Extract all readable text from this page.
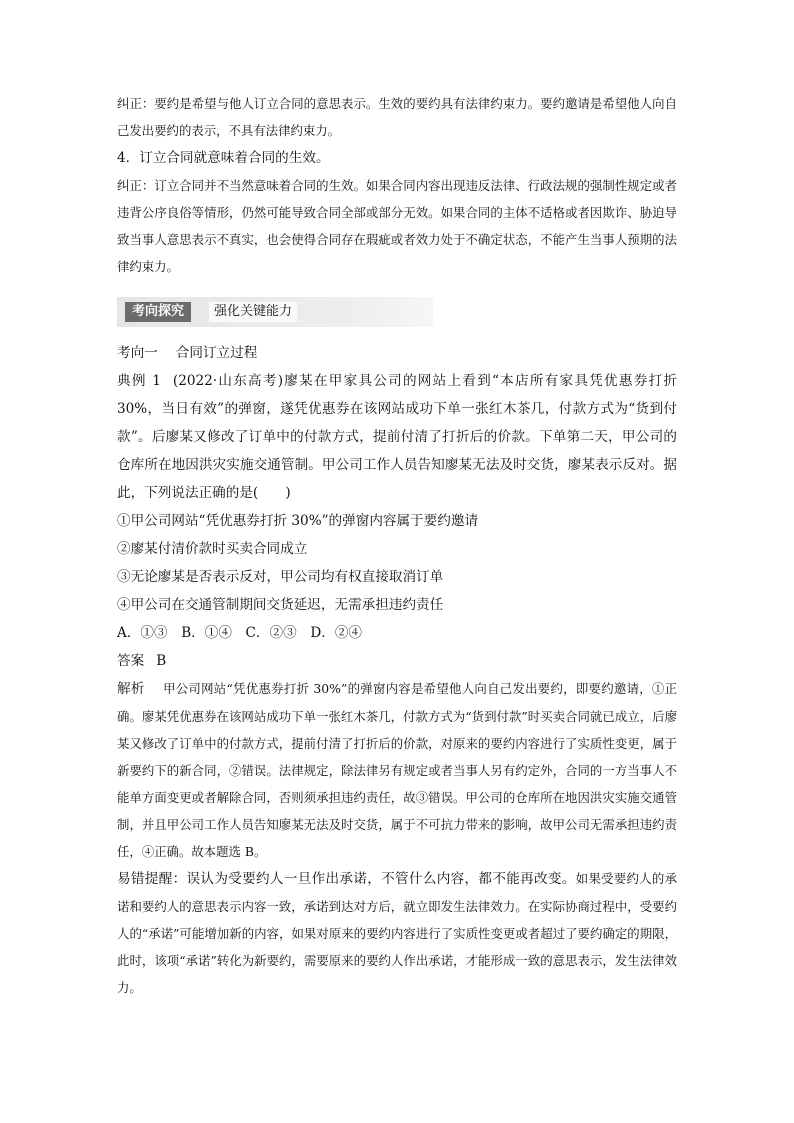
纠正：要约是希望与他人订立合同的意思表示。生效的要约具有法律约束力。要约邀请是希望他人向自己发出要约的表示，不具有法律约束力。

4．订立合同就意味着合同的生效。

纠正：订立合同并不当然意味着合同的生效。如果合同内容出现违反法律、行政法规的强制性规定或者违背公序良俗等情形，仍然可能导致合同全部或部分无效。如果合同的主体不适格或者因欺诈、胁迫导致当事人意思表示不真实，也会使得合同存在瑕疵或者效力处于不确定状态，不能产生当事人预期的法律约束力。

考向探究	强化关键能力

考向一 合同订立过程

典例 1 (2022·山东高考)廖某在甲家具公司的网站上看到“本店所有家具凭优惠券打折 30%，当日有效”的弹窗，遂凭优惠券在该网站成功下单一张红木茶几，付款方式为“货到付款”。后廖某又修改了订单中的付款方式，提前付清了打折后的价款。下单第二天，甲公司的仓库所在地因洪灾实施交通管制。甲公司工作人员告知廖某无法及时交货，廖某表示反对。据此，下列说法正确的是(　　)

①甲公司网站“凭优惠券打折 30%”的弹窗内容属于要约邀请

②廖某付清价款时买卖合同成立

③无论廖某是否表示反对，甲公司均有权直接取消订单

④甲公司在交通管制期间交货延迟，无需承担违约责任

A．①③　B．①④　C．②③　D．②④

答案 B

解析 甲公司网站“凭优惠券打折 30%”的弹窗内容是希望他人向自己发出要约，即要约邀请，①正确。廖某凭优惠券在该网站成功下单一张红木茶几，付款方式为“货到付款”时买卖合同就已成立，后廖某又修改了订单中的付款方式，提前付清了打折后的价款，对原来的要约内容进行了实质性变更，属于新要约下的新合同，②错误。法律规定，除法律另有规定或者当事人另有约定外，合同的一方当事人不能单方面变更或者解除合同，否则须承担违约责任，故③错误。甲公司的仓库所在地因洪灾实施交通管制，并且甲公司工作人员告知廖某无法及时交货，属于不可抗力带来的影响，故甲公司无需承担违约责任，④正确。故本题选 B。

易错提醒：误认为受要约人一旦作出承诺，不管什么内容，都不能再改变。如果受要约人的承诺和要约人的意思表示内容一致，承诺到达对方后，就立即发生法律效力。在实际协商过程中，受要约人的“承诺”可能增加新的内容，如果对原来的要约内容进行了实质性变更或者超过了要约确定的期限，此时，该项“承诺”转化为新要约，需要原来的要约人作出承诺，才能形成一致的意思表示，发生法律效力。
